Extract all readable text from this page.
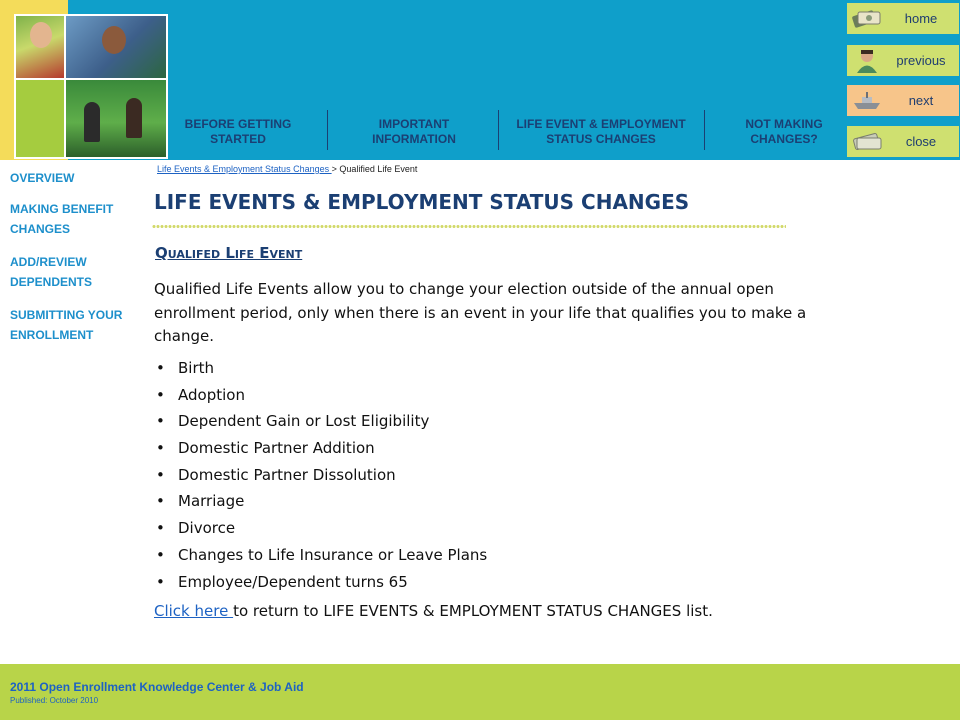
BEFORE GETTING STARTED
IMPORTANT INFORMATION
LIFE EVENT & EMPLOYMENT STATUS CHANGES
NOT MAKING CHANGES?
home
previous
next
close
OVERVIEW
MAKING BENEFIT CHANGES
ADD/REVIEW DEPENDENTS
SUBMITTING YOUR ENROLLMENT
Life Events & Employment Status Changes > Qualified Life Event
LIFE EVENTS & EMPLOYMENT STATUS CHANGES
Qualifed Life Event

Qualified Life Events allow you to change your election outside of the annual open enrollment period, only when there is an event in your life that qualifies you to make a change.

• Birth
• Adoption
• Dependent Gain or Lost Eligibility
• Domestic Partner Addition
• Domestic Partner Dissolution
• Marriage
• Divorce
• Changes to Life Insurance or Leave Plans
• Employee/Dependent turns 65

Click here to return to LIFE EVENTS & EMPLOYMENT STATUS CHANGES list.

2011 Open Enrollment Knowledge Center & Job Aid
Published: October 2010
